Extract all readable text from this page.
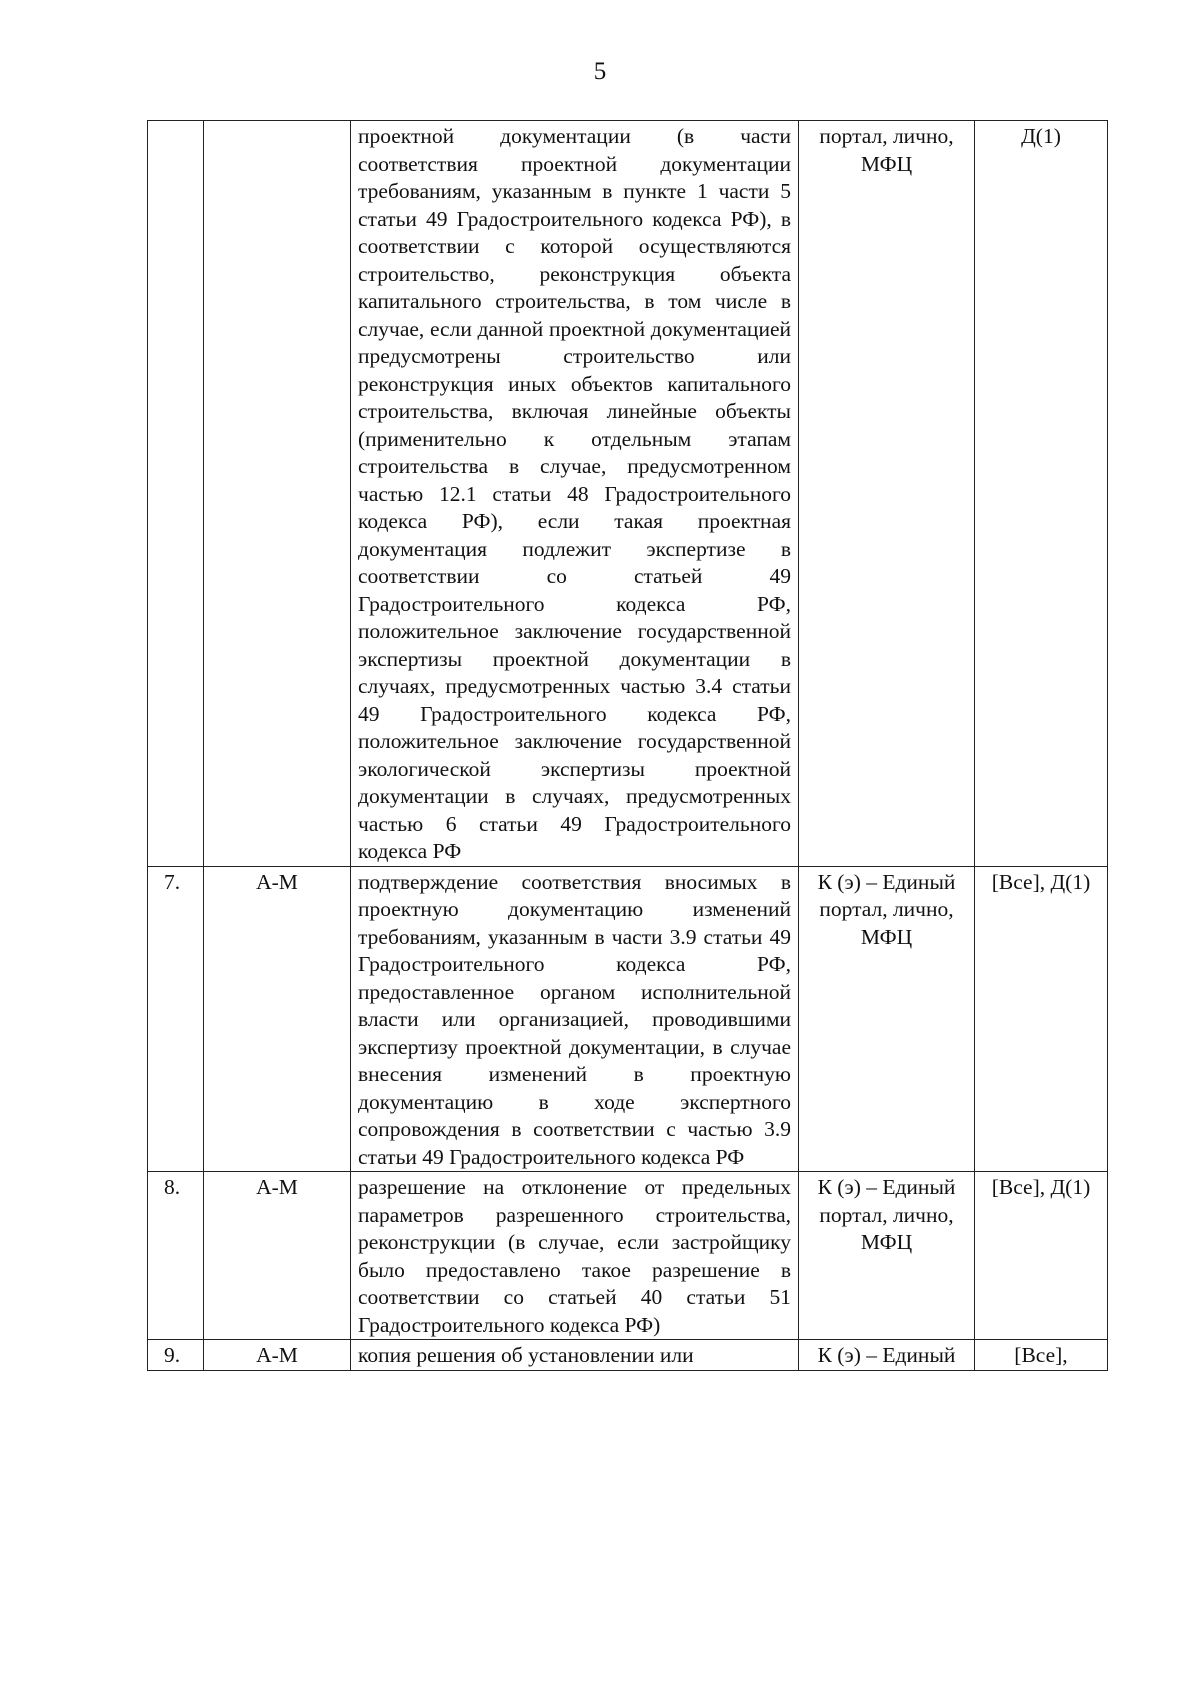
5
		проектной документации (в части соответствия проектной документации требованиям, указанным в пункте 1 части 5 статьи 49 Градостроительного кодекса РФ), в соответствии с которой осуществляются строительство, реконструкция объекта капитального строительства, в том числе в случае, если данной проектной документацией предусмотрены строительство или реконструкция иных объектов капитального строительства, включая линейные объекты (применительно к отдельным этапам строительства в случае, предусмотренном частью 12.1 статьи 48 Градостроительного кодекса РФ), если такая проектная документация подлежит экспертизе в соответствии со статьей 49 Градостроительного кодекса РФ, положительное заключение государственной экспертизы проектной документации в случаях, предусмотренных частью 3.4 статьи 49 Градостроительного кодекса РФ, положительное заключение государственной экологической экспертизы проектной документации в случаях, предусмотренных частью 6 статьи 49 Градостроительного кодекса РФ	портал, лично, МФЦ	Д(1)
7.	А-М	подтверждение соответствия вносимых в проектную документацию изменений требованиям, указанным в части 3.9 статьи 49 Градостроительного кодекса РФ, предоставленное органом исполнительной власти или организацией, проводившими экспертизу проектной документации, в случае внесения изменений в проектную документацию в ходе экспертного сопровождения в соответствии с частью 3.9 статьи 49 Градостроительного кодекса РФ	К (э) – Единый портал, лично, МФЦ	[Все], Д(1)
8.	А-М	разрешение на отклонение от предельных параметров разрешенного строительства, реконструкции (в случае, если застройщику было предоставлено такое разрешение в соответствии со статьей 40 статьи 51 Градостроительного кодекса РФ)	К (э) – Единый портал, лично, МФЦ	[Все], Д(1)
9.	А-М	копия решения об установлении или	К (э) – Единый	[Все],
